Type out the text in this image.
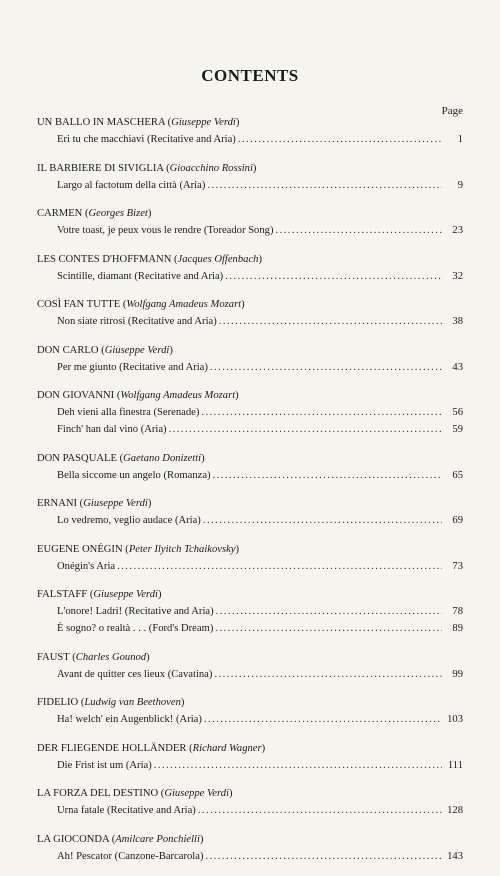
CONTENTS
Page
UN BALLO IN MASCHERA (Giuseppe Verdi)
Eri tu che macchiavi (Recitative and Aria) . . .	1
IL BARBIERE DI SIVIGLIA (Gioacchino Rossini)
Largo al factotum della città (Aria) . . .	9
CARMEN (Georges Bizet)
Votre toast, je peux vous le rendre (Toreador Song) . . .	23
LES CONTES D'HOFFMANN (Jacques Offenbach)
Scintille, diamant (Recitative and Aria) . . .	32
COSÌ FAN TUTTE (Wolfgang Amadeus Mozart)
Non siate ritrosi (Recitative and Aria) . . .	38
DON CARLO (Giuseppe Verdi)
Per me giunto (Recitative and Aria) . . .	43
DON GIOVANNI (Wolfgang Amadeus Mozart)
Deh vieni alla finestra (Serenade) . . .	56
Finch' han dal vino (Aria) . . .	59
DON PASQUALE (Gaetano Donizetti)
Bella siccome un angelo (Romanza) . . .	65
ERNANI (Giuseppe Verdi)
Lo vedremo, veglio audace (Aria) . . .	69
EUGENE ONÉGIN (Peter Ilyitch Tchaikovsky)
Onégin's Aria . . .	73
FALSTAFF (Giuseppe Verdi)
L'onore! Ladri! (Recitative and Aria) . . .	78
È sogno? o realtà . . . (Ford's Dream) . . .	89
FAUST (Charles Gounod)
Avant de quitter ces lieux (Cavatina) . . .	99
FIDELIO (Ludwig van Beethoven)
Ha! welch' ein Augenblick! (Aria) . . .	103
DER FLIEGENDE HOLLÄNDER (Richard Wagner)
Die Frist ist um (Aria) . . .	111
LA FORZA DEL DESTINO (Giuseppe Verdi)
Urna fatale (Recitative and Aria) . . .	128
LA GIOCONDA (Amilcare Ponchielli)
Ah! Pescator (Canzone-Barcarola) . . .	143
